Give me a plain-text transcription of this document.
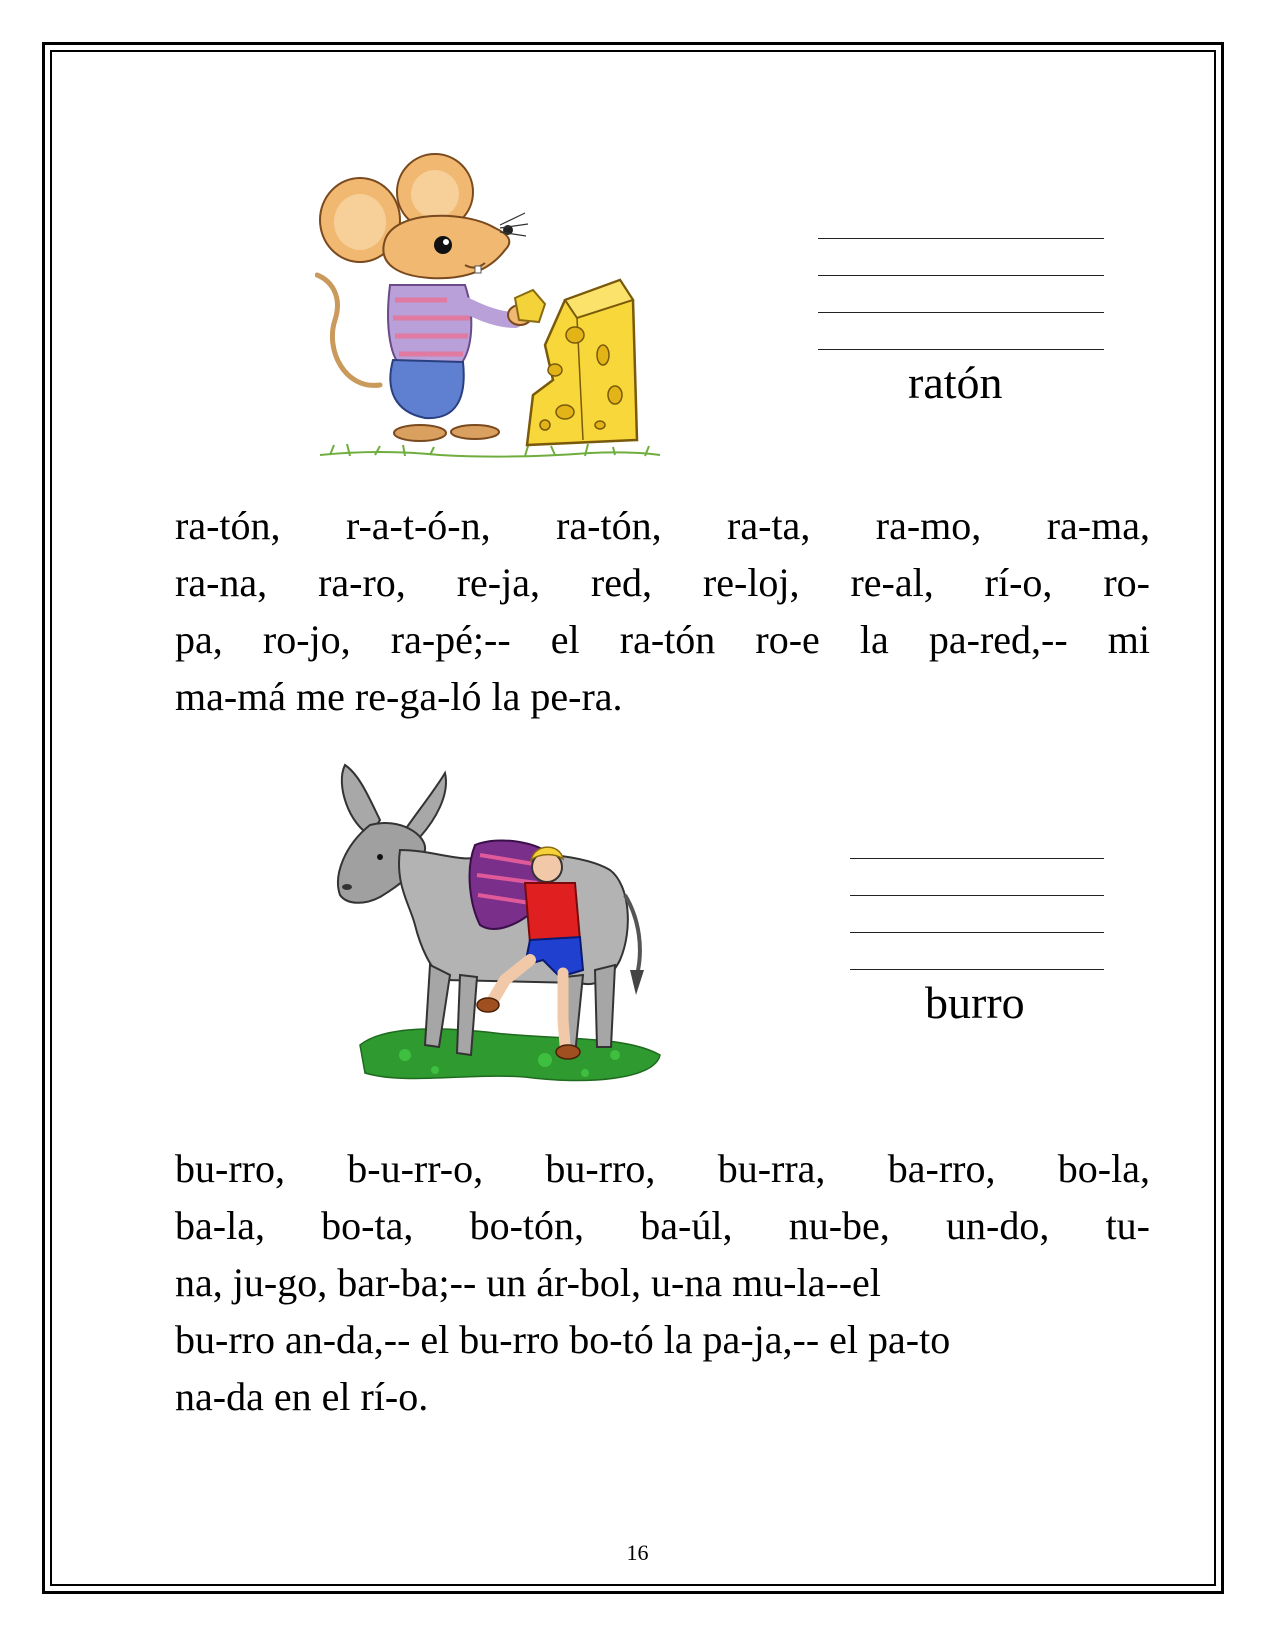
ratón
ra-tón, r-a-t-ó-n, ra-tón, ra-ta, ra-mo, ra-ma,
ra-na, ra-ro, re-ja, red, re-loj, re-al, rí-o, ro-
pa, ro-jo, ra-pé;-- el ra-tón ro-e la pa-red,-- mi
ma-má me re-ga-ló la pe-ra.
burro
bu-rro, b-u-rr-o, bu-rro, bu-rra, ba-rro, bo-la,
ba-la, bo-ta, bo-tón, ba-úl, nu-be, un-do, tu-
na, ju-go, bar-ba;-- un ár-bol, u-na mu-la--el
bu-rro an-da,-- el bu-rro bo-tó la pa-ja,-- el pa-to
na-da en el rí-o.
16
